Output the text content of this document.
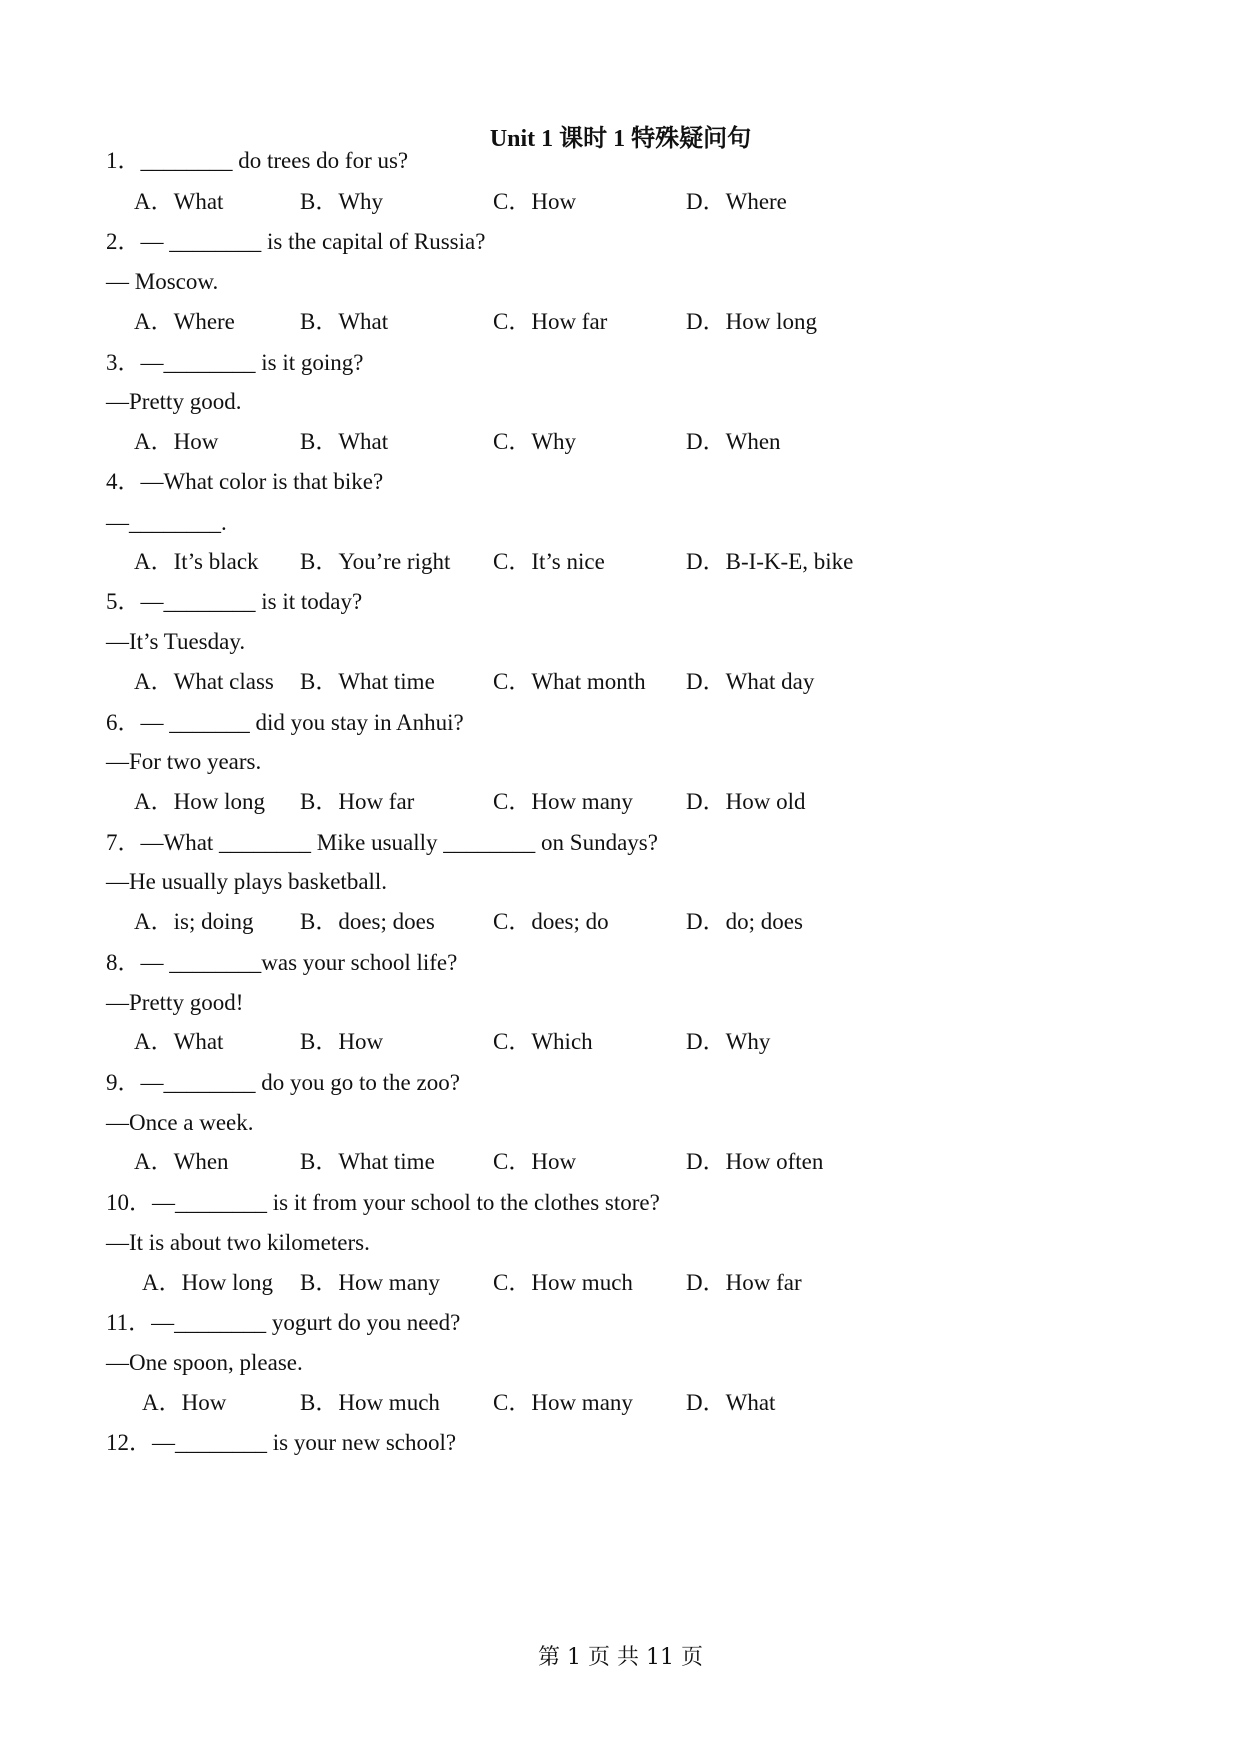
Unit 1 课时 1 特殊疑问句
1．________ do trees do for us?
A．What	B．Why	C．How	D．Where
2．— ________ is the capital of Russia?
— Moscow.
A．Where	B．What	C．How far	D．How long
3．—________ is it going?
—Pretty good.
A．How	B．What	C．Why	D．When
4．—What color is that bike?
—________.
A．It’s black B．You’re right C．It’s nice	D．B-I-K-E, bike
5．—________ is it today?
—It’s Tuesday.
A．What class B．What time	C．What month D．What day
6．— _______ did you stay in Anhui?
—For two years.
A．How long B．How far	C．How many D．How old
7．—What ________ Mike usually ________ on Sundays?
—He usually plays basketball.
A．is; doing B．does; does	C．does; do	D．do; does
8．— ________was your school life?
—Pretty good!
A．What	B．How	C．Which	D．Why
9．—________ do you go to the zoo?
—Once a week.
A．When	B．What time	C．How	D．How often
10．—________ is it from your school to the clothes store?
—It is about two kilometers.
A．How long B．How many C．How much D．How far
11．—________ yogurt do you need?
—One spoon, please.
A．How	B．How much C．How many D．What
12．—________ is your new school?
第 1 页 共 11 页
